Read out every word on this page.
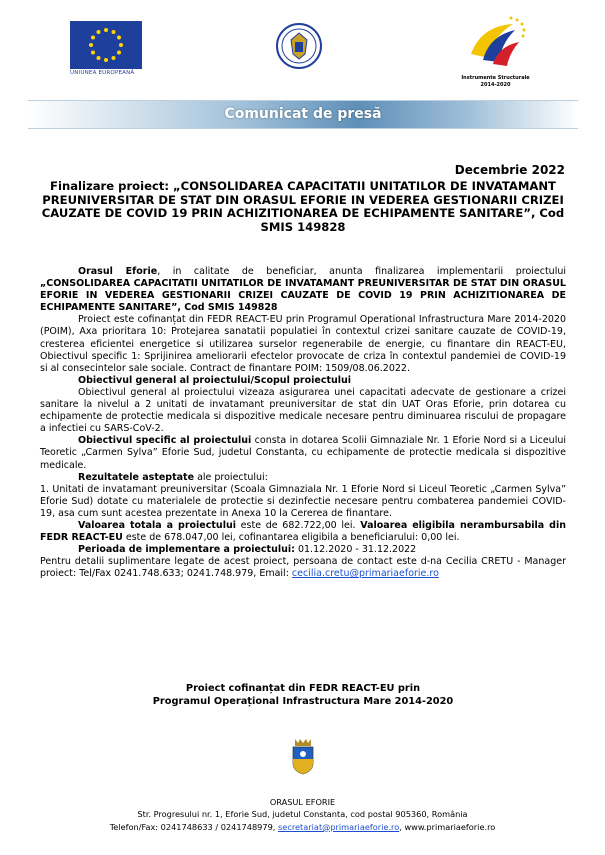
UNIUNEA EUROPEANĂ
Instrumente Structurale
2014-2020
Comunicat de presă
Decembrie 2022
Finalizare proiect: „CONSOLIDAREA CAPACITATII UNITATILOR DE INVATAMANT PREUNIVERSITAR DE STAT DIN ORASUL EFORIE IN VEDEREA GESTIONARII CRIZEI CAUZATE DE COVID 19 PRIN ACHIZITIONAREA DE ECHIPAMENTE SANITARE”, Cod SMIS 149828

Orasul Eforie, in calitate de beneficiar, anunta finalizarea implementarii proiectului „CONSOLIDAREA CAPACITATII UNITATILOR DE INVATAMANT PREUNIVERSITAR DE STAT DIN ORASUL EFORIE IN VEDEREA GESTIONARII CRIZEI CAUZATE DE COVID 19 PRIN ACHIZITIONAREA DE ECHIPAMENTE SANITARE”, Cod SMIS 149828

Proiect este cofinanțat din FEDR REACT-EU prin Programul Operational Infrastructura Mare 2014-2020 (POIM), Axa prioritara 10: Protejarea sanatatii populatiei în contextul crizei sanitare cauzate de COVID-19, cresterea eficientei energetice si utilizarea surselor regenerabile de energie, cu finantare din REACT-EU, Obiectivul specific 1: Sprijinirea ameliorarii efectelor provocate de criza în contextul pandemiei de COVID-19 si al consecintelor sale sociale. Contract de finantare POIM: 1509/08.06.2022.

Obiectivul general al proiectului/Scopul proiectului

Obiectivul general al proiectului vizeaza asigurarea unei capacitati adecvate de gestionare a crizei sanitare la nivelul a 2 unitati de invatamant preuniversitar de stat din UAT Oras Eforie, prin dotarea cu echipamente de protectie medicala si dispozitive medicale necesare pentru diminuarea riscului de propagare a infectiei cu SARS-CoV-2.

Obiectivul specific al proiectului consta in dotarea Scolii Gimnaziale Nr. 1 Eforie Nord si a Liceului Teoretic „Carmen Sylva” Eforie Sud, judetul Constanta, cu echipamente de protectie medicala si dispozitive medicale.

Rezultatele asteptate ale proiectului:

1. Unitati de invatamant preuniversitar (Scoala Gimnaziala Nr. 1 Eforie Nord si Liceul Teoretic „Carmen Sylva” Eforie Sud) dotate cu materialele de protectie si dezinfectie necesare pentru combaterea pandemiei COVID-19, asa cum sunt acestea prezentate in Anexa 10 la Cererea de finantare.

Valoarea totala a proiectului este de 682.722,00 lei. Valoarea eligibila nerambursabila din FEDR REACT-EU este de 678.047,00 lei, cofinantarea eligibila a beneficiarului: 0,00 lei.

Perioada de implementare a proiectului: 01.12.2020 - 31.12.2022

Pentru detalii suplimentare legate de acest proiect, persoana de contact este d-na Cecilia CRETU - Manager proiect: Tel/Fax 0241.748.633; 0241.748.979, Email: cecilia.cretu@primariaeforie.ro

Proiect cofinanțat din FEDR REACT-EU prin
Programul Operațional Infrastructura Mare 2014-2020
ORASUL EFORIE
Str. Progresului nr. 1, Eforie Sud, judetul Constanta, cod postal 905360, România
Telefon/Fax: 0241748633 / 0241748979, secretariat@primariaeforie.ro, www.primariaeforie.ro
